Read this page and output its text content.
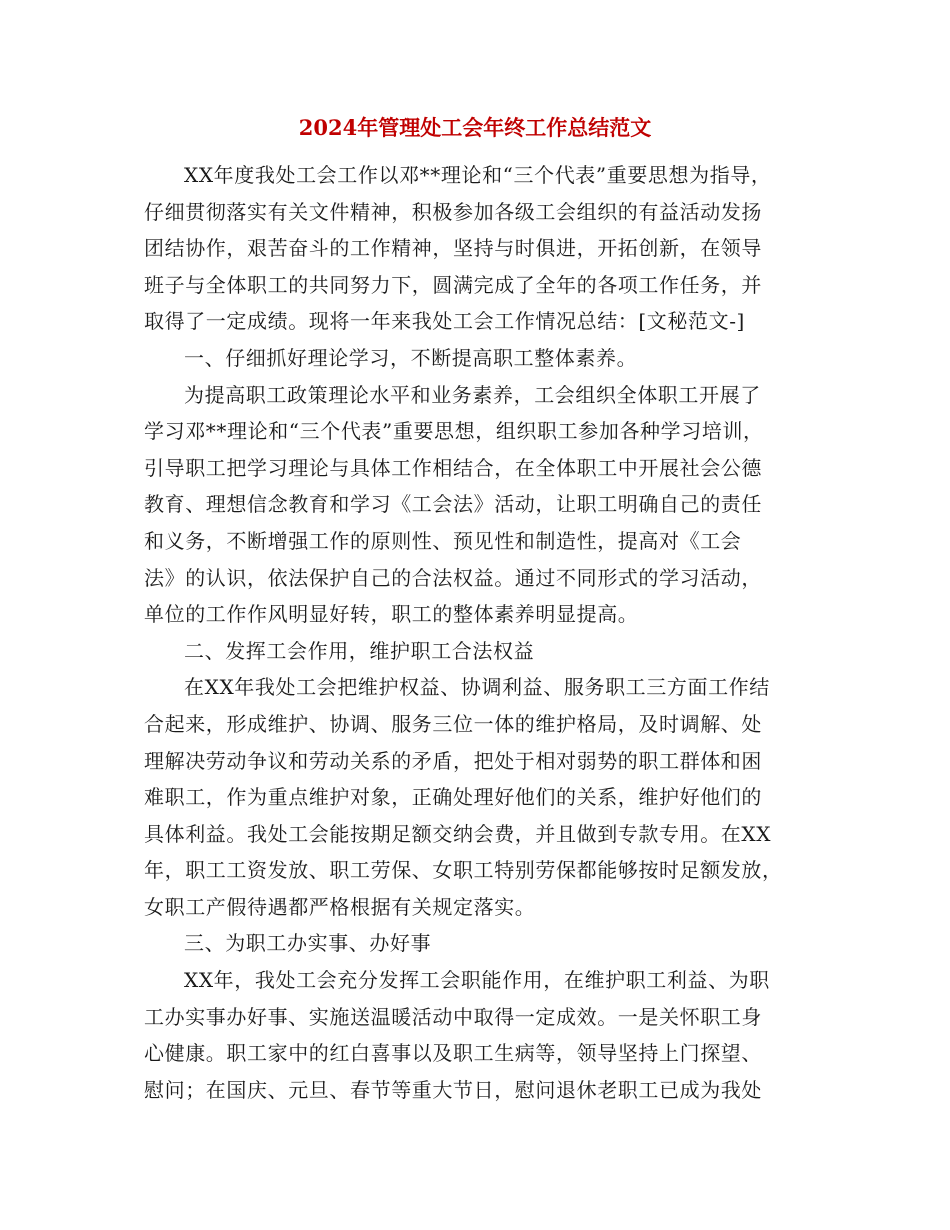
2024年管理处工会年终工作总结范文
XX年度我处工会工作以邓**理论和“三个代表”重要思想为指导，
仔细贯彻落实有关文件精神，积极参加各级工会组织的有益活动发扬
团结协作，艰苦奋斗的工作精神，坚持与时俱进，开拓创新，在领导
班子与全体职工的共同努力下，圆满完成了全年的各项工作任务，并
取得了一定成绩。现将一年来我处工会工作情况总结：[文秘范文-]
一、仔细抓好理论学习，不断提高职工整体素养。
为提高职工政策理论水平和业务素养，工会组织全体职工开展了
学习邓**理论和“三个代表”重要思想，组织职工参加各种学习培训，
引导职工把学习理论与具体工作相结合，在全体职工中开展社会公德
教育、理想信念教育和学习《工会法》活动，让职工明确自己的责任
和义务，不断增强工作的原则性、预见性和制造性，提高对《工会
法》的认识，依法保护自己的合法权益。通过不同形式的学习活动，
单位的工作作风明显好转，职工的整体素养明显提高。
二、发挥工会作用，维护职工合法权益
在XX年我处工会把维护权益、协调利益、服务职工三方面工作结
合起来，形成维护、协调、服务三位一体的维护格局，及时调解、处
理解决劳动争议和劳动关系的矛盾，把处于相对弱势的职工群体和困
难职工，作为重点维护对象，正确处理好他们的关系，维护好他们的
具体利益。我处工会能按期足额交纳会费，并且做到专款专用。在XX
年，职工工资发放、职工劳保、女职工特别劳保都能够按时足额发放，
女职工产假待遇都严格根据有关规定落实。
三、为职工办实事、办好事
XX年，我处工会充分发挥工会职能作用，在维护职工利益、为职
工办实事办好事、实施送温暖活动中取得一定成效。一是关怀职工身
心健康。职工家中的红白喜事以及职工生病等，领导坚持上门探望、
慰问；在国庆、元旦、春节等重大节日，慰问退休老职工已成为我处
